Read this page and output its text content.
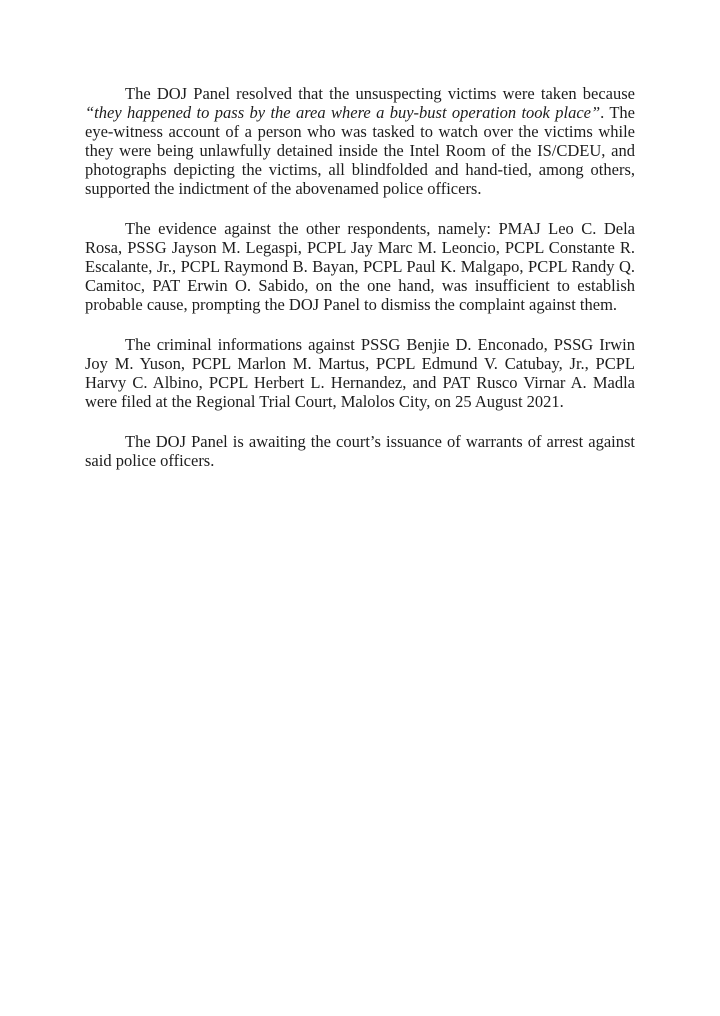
The DOJ Panel resolved that the unsuspecting victims were taken because “they happened to pass by the area where a buy-bust operation took place”. The eye-witness account of a person who was tasked to watch over the victims while they were being unlawfully detained inside the Intel Room of the IS/CDEU, and photographs depicting the victims, all blindfolded and hand-tied, among others, supported the indictment of the abovenamed police officers.

The evidence against the other respondents, namely: PMAJ Leo C. Dela Rosa, PSSG Jayson M. Legaspi, PCPL Jay Marc M. Leoncio, PCPL Constante R. Escalante, Jr., PCPL Raymond B. Bayan, PCPL Paul K. Malgapo, PCPL Randy Q. Camitoc, PAT Erwin O. Sabido, on the one hand, was insufficient to establish probable cause, prompting the DOJ Panel to dismiss the complaint against them.

The criminal informations against PSSG Benjie D. Enconado, PSSG Irwin Joy M. Yuson, PCPL Marlon M. Martus, PCPL Edmund V. Catubay, Jr., PCPL Harvy C. Albino, PCPL Herbert L. Hernandez, and PAT Rusco Virnar A. Madla were filed at the Regional Trial Court, Malolos City, on 25 August 2021.

The DOJ Panel is awaiting the court’s issuance of warrants of arrest against said police officers.
